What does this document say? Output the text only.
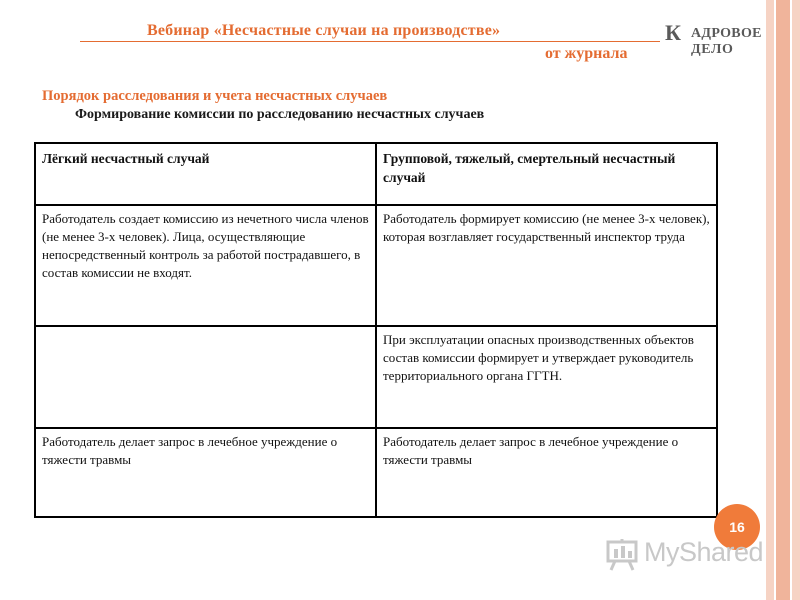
Вебинар «Несчастные случаи на производстве»
от журнала
К АДРОВОЕ
ДЕЛО
Порядок расследования и учета несчастных случаев
Формирование комиссии по расследованию несчастных случаев
Лёгкий несчастный случай	Групповой, тяжелый, смертельный несчастный случай
Работодатель создает комиссию из нечетного числа членов (не менее 3-х человек). Лица, осуществляющие непосредственный контроль за работой пострадавшего, в состав комиссии не входят.	Работодатель формирует комиссию (не менее 3-х человек), которая возглавляет государственный инспектор труда
	При эксплуатации опасных производственных объектов состав комиссии формирует и утверждает руководитель территориального органа ГГТН.
Работодатель делает запрос в лечебное учреждение о тяжести травмы	Работодатель делает запрос в лечебное учреждение о тяжести травмы
16
MyShared
